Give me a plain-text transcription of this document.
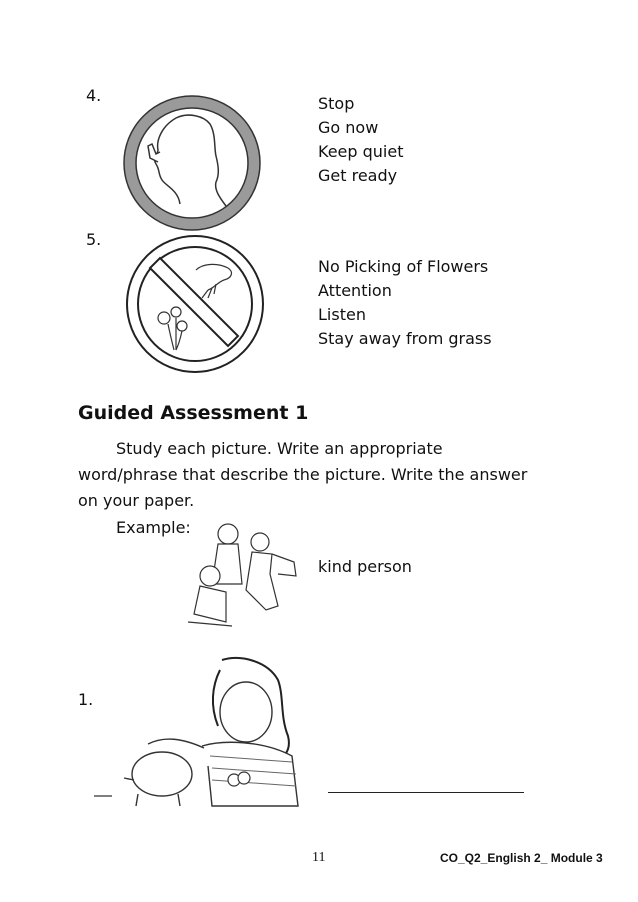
4.	Stop
Go now
Keep quiet
Get ready
5.
No Picking of Flowers
Attention
Listen
Stay away from grass
Guided Assessment 1
Study each picture. Write an appropriate
word/phrase that describe the picture. Write the answer
on your paper.
Example:
kind person
1.
11	CO_Q2_English 2_ Module 3
